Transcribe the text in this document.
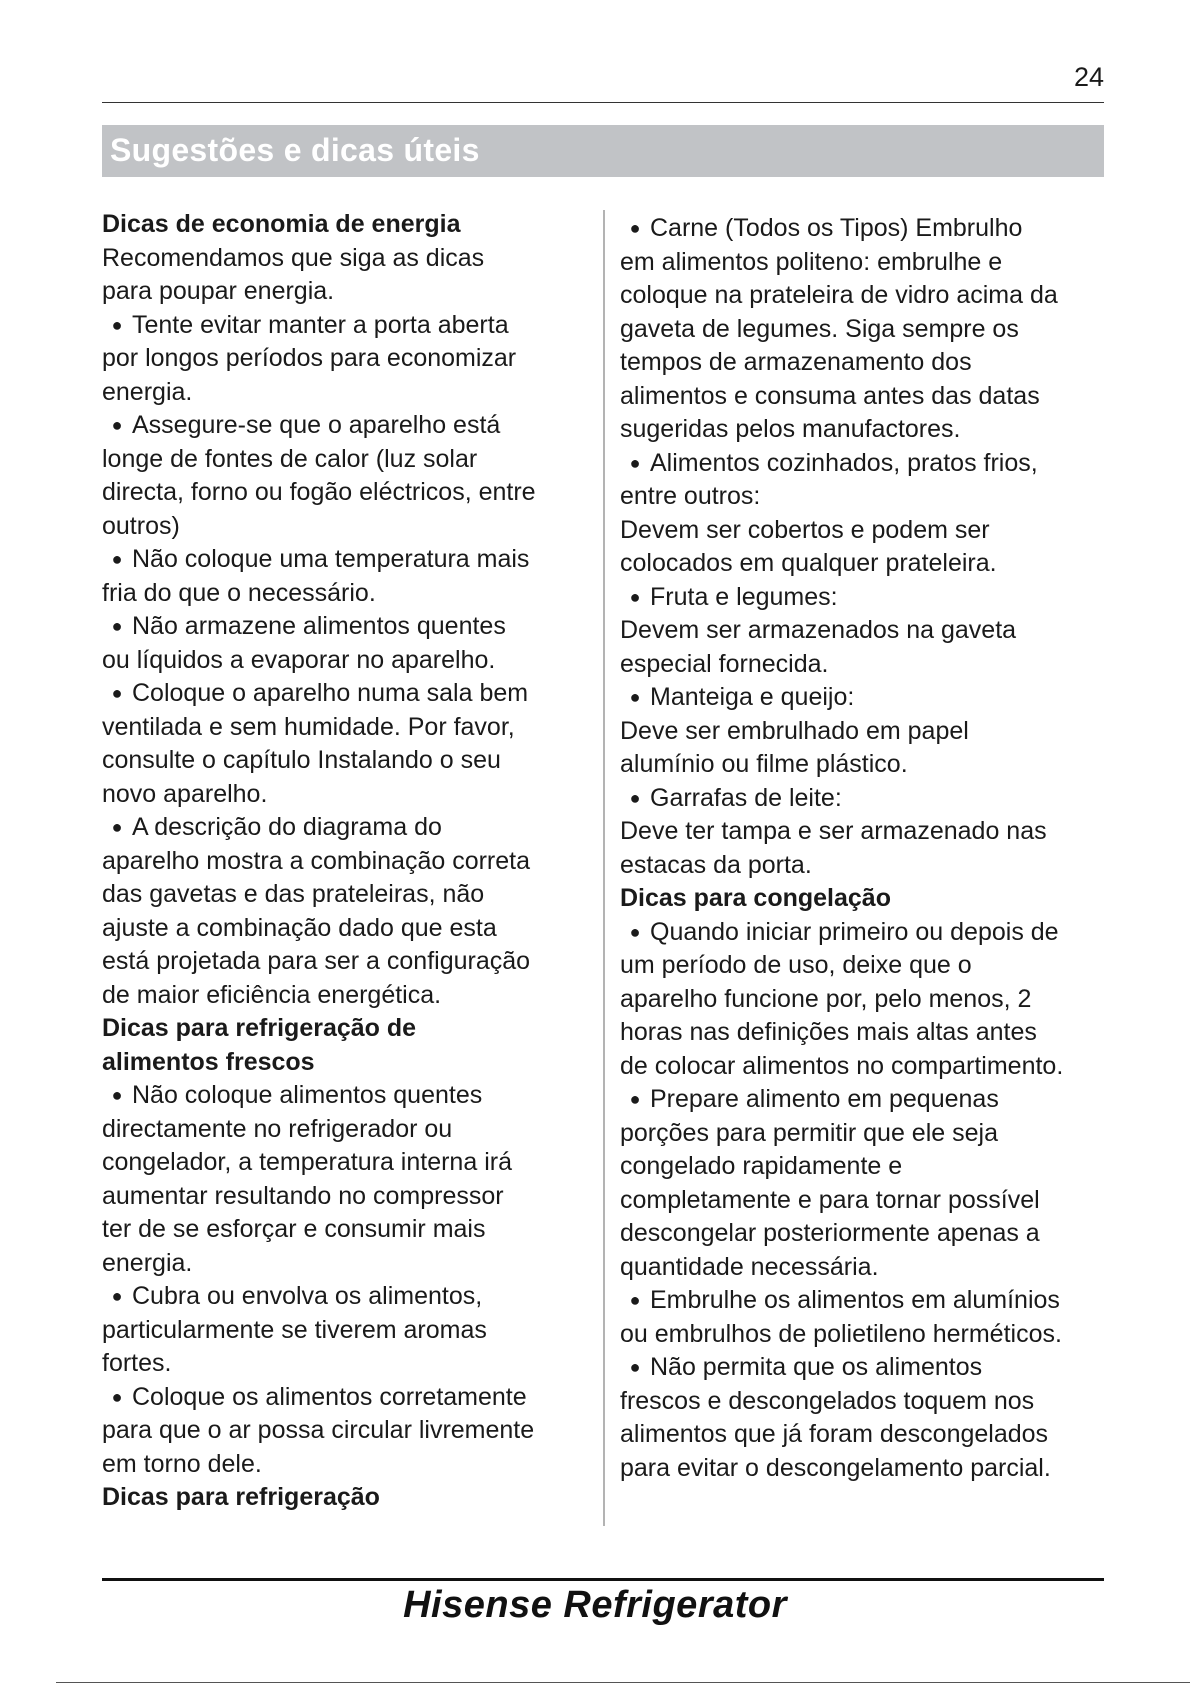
24
Sugestões e dicas úteis
Dicas de economia de energia
Recomendamos que siga as dicas
para poupar energia.
● Tente evitar manter a porta aberta
por longos períodos para economizar
energia.
● Assegure-se que o aparelho está
longe de fontes de calor (luz solar
directa, forno ou fogão eléctricos, entre
outros)
● Não coloque uma temperatura mais
fria do que o necessário.
● Não armazene alimentos quentes
ou líquidos a evaporar no aparelho.
● Coloque o aparelho numa sala bem
ventilada e sem humidade. Por favor,
consulte o capítulo Instalando o seu
novo aparelho.
● A descrição do diagrama do
aparelho mostra a combinação correta
das gavetas e das prateleiras, não
ajuste a combinação dado que esta
está projetada para ser a configuração
de maior eficiência energética.
Dicas para refrigeração de
alimentos frescos
● Não coloque alimentos quentes
directamente no refrigerador ou
congelador, a temperatura interna irá
aumentar resultando no compressor
ter de se esforçar e consumir mais
energia.
● Cubra ou envolva os alimentos,
particularmente se tiverem aromas
fortes.
● Coloque os alimentos corretamente
para que o ar possa circular livremente
em torno dele.
Dicas para refrigeração
● Carne (Todos os Tipos) Embrulho
em alimentos politeno: embrulhe e
coloque na prateleira de vidro acima da
gaveta de legumes. Siga sempre os
tempos de armazenamento dos
alimentos e consuma antes das datas
sugeridas pelos manufactores.
● Alimentos cozinhados, pratos frios,
entre outros:
Devem ser cobertos e podem ser
colocados em qualquer prateleira.
● Fruta e legumes:
Devem ser armazenados na gaveta
especial fornecida.
● Manteiga e queijo:
Deve ser embrulhado em papel
alumínio ou filme plástico.
● Garrafas de leite:
Deve ter tampa e ser armazenado nas
estacas da porta.
Dicas para congelação
● Quando iniciar primeiro ou depois de
um período de uso, deixe que o
aparelho funcione por, pelo menos, 2
horas nas definições mais altas antes
de colocar alimentos no compartimento.
● Prepare alimento em pequenas
porções para permitir que ele seja
congelado rapidamente e
completamente e para tornar possível
descongelar posteriormente apenas a
quantidade necessária.
● Embrulhe os alimentos em alumínios
ou embrulhos de polietileno herméticos.
● Não permita que os alimentos
frescos e descongelados toquem nos
alimentos que já foram descongelados
para evitar o descongelamento parcial.
Hisense Refrigerator
